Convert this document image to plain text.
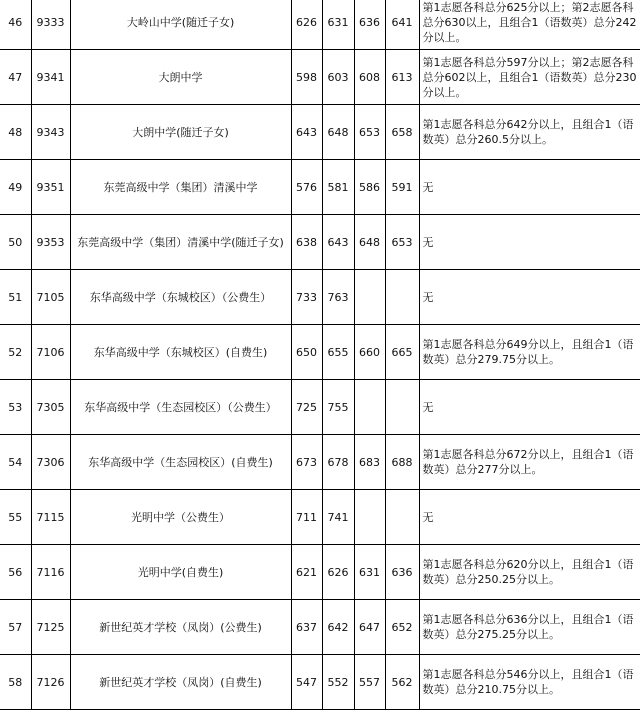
46	9333	大岭山中学(随迁子女)	626	631	636	641	第1志愿各科总分625分以上；第2志愿各科总分630以上，且组合1（语数英）总分242分以上。
47	9341	大朗中学	598	603	608	613	第1志愿各科总分597分以上；第2志愿各科总分602以上，且组合1（语数英）总分230分以上。
48	9343	大朗中学(随迁子女)	643	648	653	658	第1志愿各科总分642分以上，且组合1（语数英）总分260.5分以上。
49	9351	东莞高级中学（集团）清溪中学	576	581	586	591	无
50	9353	东莞高级中学（集团）清溪中学(随迁子女)	638	643	648	653	无
51	7105	东华高级中学（东城校区）（公费生）	733	763			无
52	7106	东华高级中学（东城校区）(自费生)	650	655	660	665	第1志愿各科总分649分以上，且组合1（语数英）总分279.75分以上。
53	7305	东华高级中学（生态园校区）（公费生）	725	755			无
54	7306	东华高级中学（生态园校区）(自费生)	673	678	683	688	第1志愿各科总分672分以上，且组合1（语数英）总分277分以上。
55	7115	光明中学（公费生）	711	741			无
56	7116	光明中学(自费生)	621	626	631	636	第1志愿各科总分620分以上，且组合1（语数英）总分250.25分以上。
57	7125	新世纪英才学校（凤岗）(公费生)	637	642	647	652	第1志愿各科总分636分以上，且组合1（语数英）总分275.25分以上。
58	7126	新世纪英才学校（凤岗）(自费生)	547	552	557	562	第1志愿各科总分546分以上，且组合1（语数英）总分210.75分以上。
